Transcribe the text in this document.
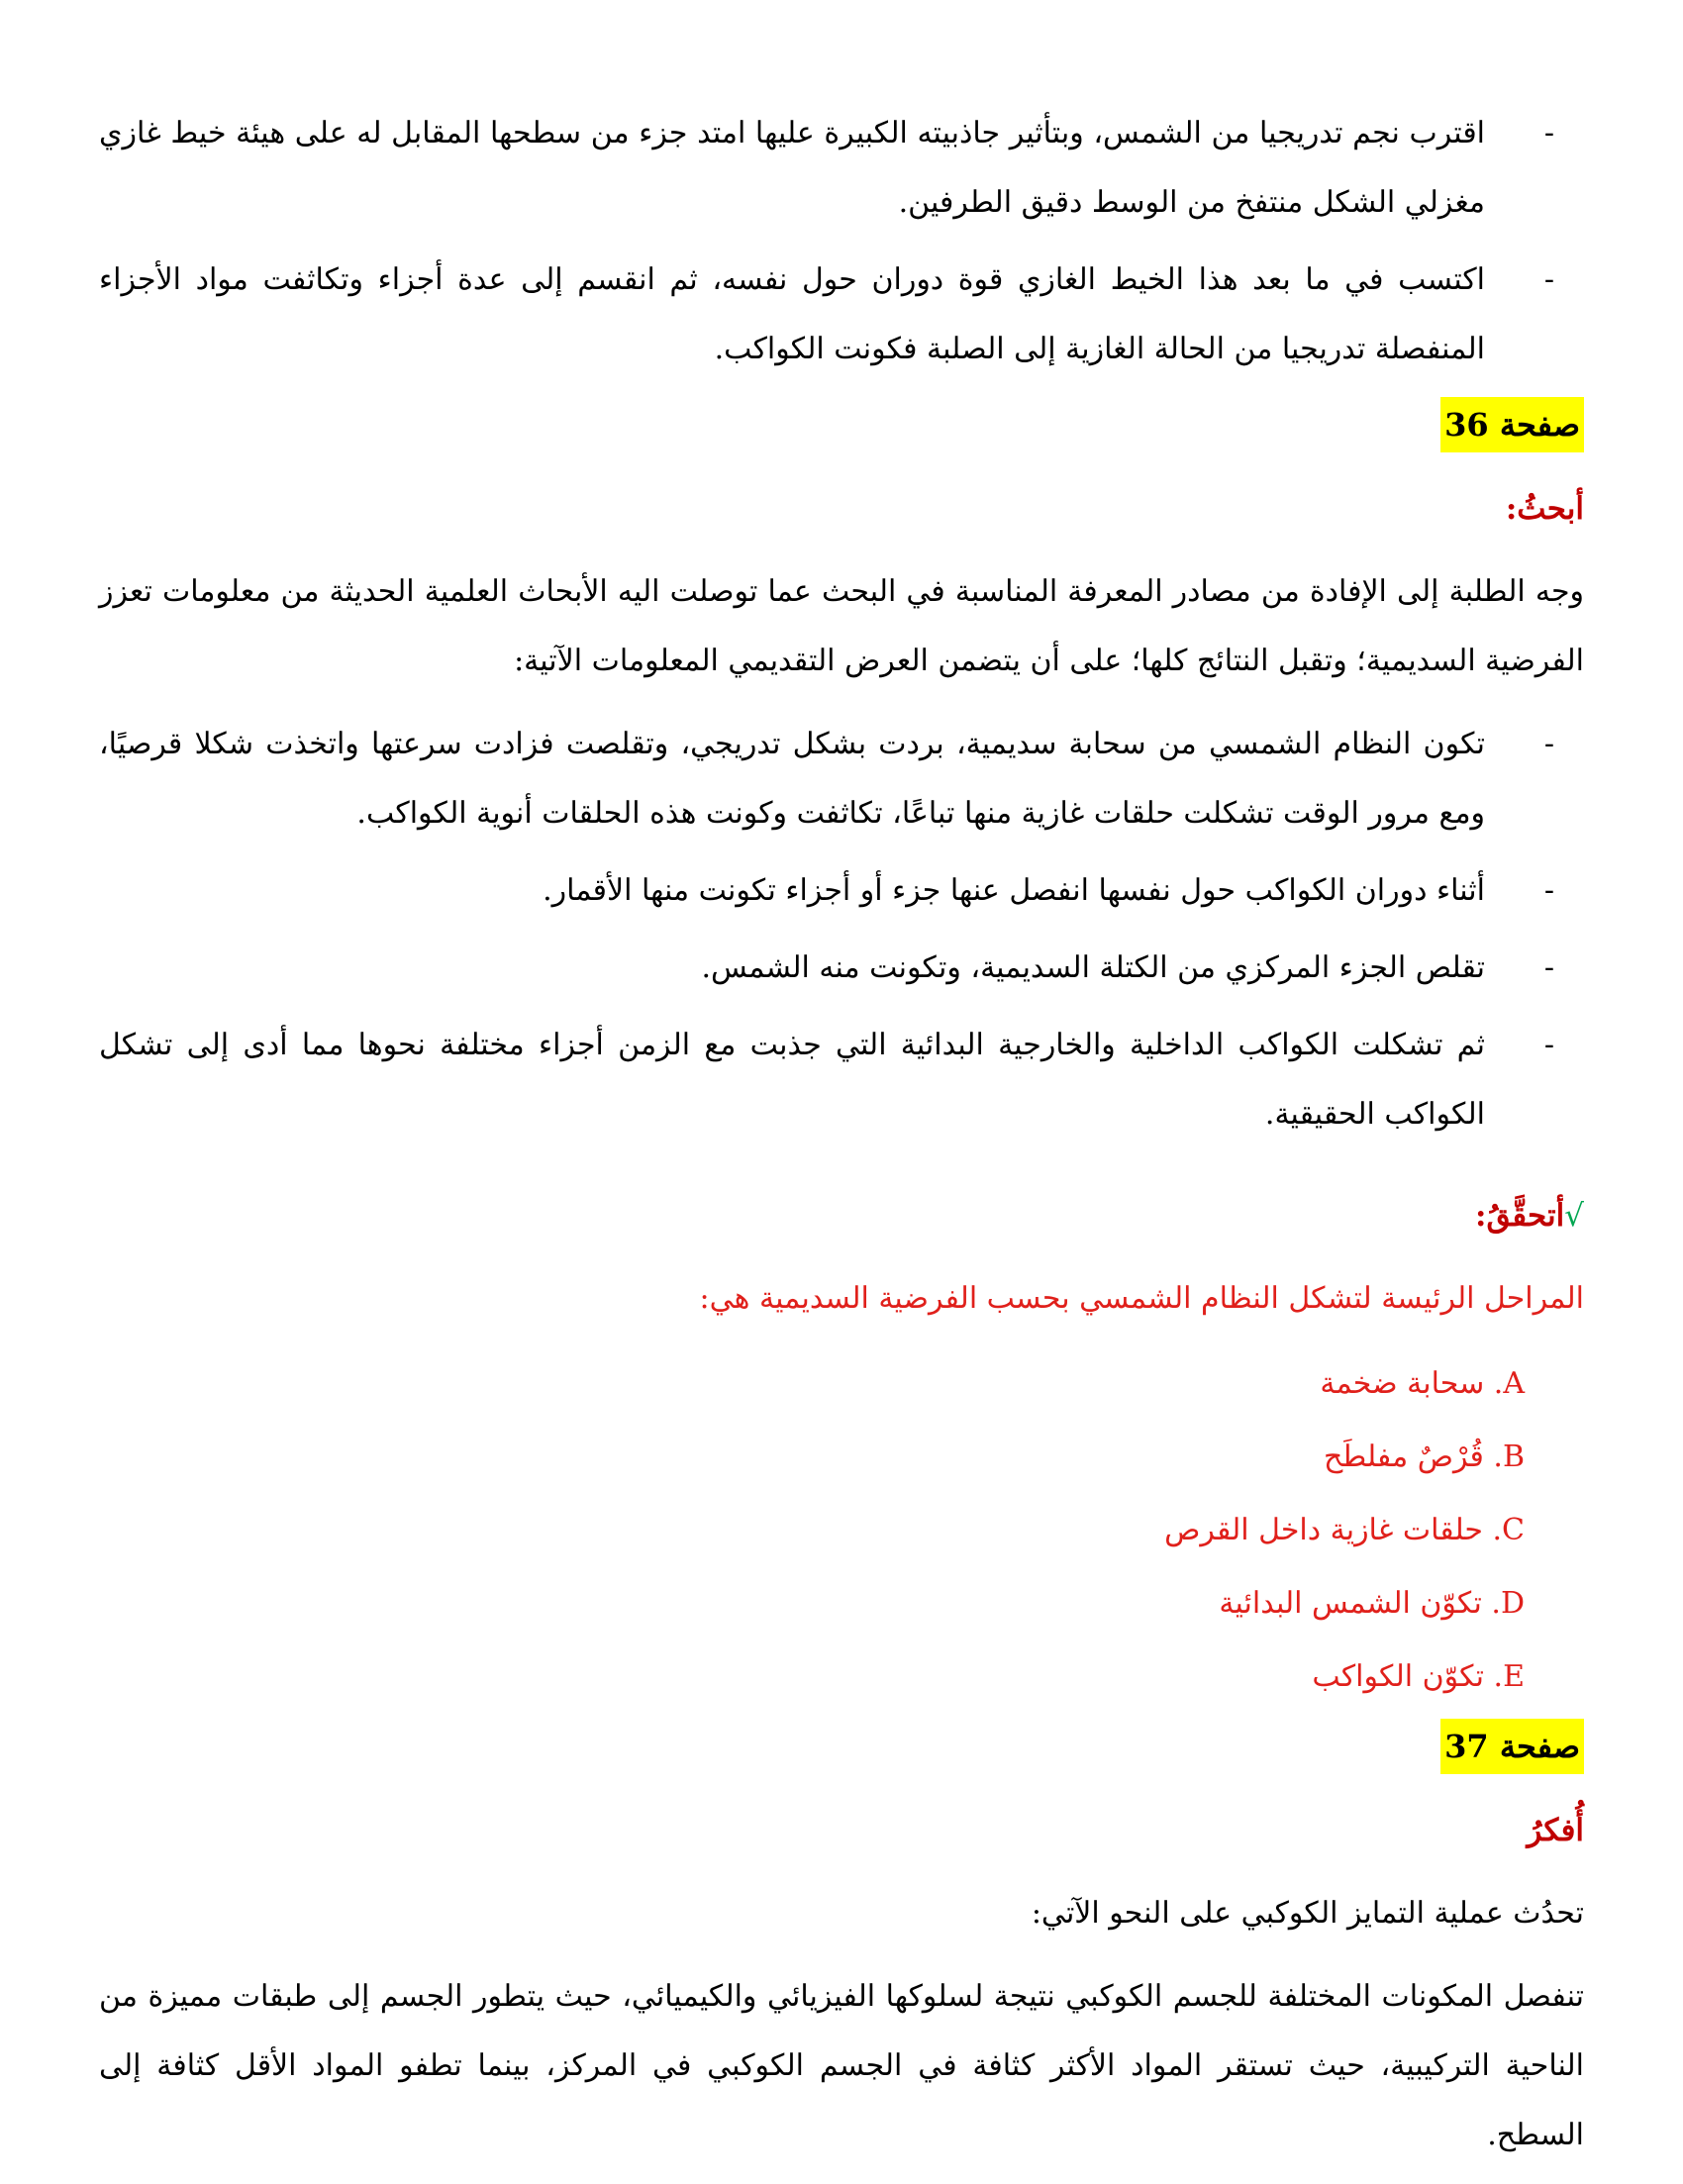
- اقترب نجم تدريجيا من الشمس، وبتأثير جاذبيته الكبيرة عليها امتد جزء من سطحها المقابل له على هيئة خيط غازي مغزلي الشكل منتفخ من الوسط دقيق الطرفين.
- اكتسب في ما بعد هذا الخيط الغازي قوة دوران حول نفسه، ثم انقسم إلى عدة أجزاء وتكاثفت مواد الأجزاء المنفصلة تدريجيا من الحالة الغازية إلى الصلبة فكونت الكواكب.
صفحة 36
أبحثُ:

وجه الطلبة إلى الإفادة من مصادر المعرفة المناسبة في البحث عما توصلت اليه الأبحاث العلمية الحديثة من معلومات تعزز الفرضية السديمية؛ وتقبل النتائج كلها؛ على أن يتضمن العرض التقديمي المعلومات الآتية:

- تكون النظام الشمسي من سحابة سديمية، بردت بشكل تدريجي، وتقلصت فزادت سرعتها واتخذت شكلا قرصيًا، ومع مرور الوقت تشكلت حلقات غازية منها تباعًا، تكاثفت وكونت هذه الحلقات أنوية الكواكب.
- أثناء دوران الكواكب حول نفسها انفصل عنها جزء أو أجزاء تكونت منها الأقمار.
- تقلص الجزء المركزي من الكتلة السديمية، وتكونت منه الشمس.
- ثم تشكلت الكواكب الداخلية والخارجية البدائية التي جذبت مع الزمن أجزاء مختلفة نحوها مما أدى إلى تشكل الكواكب الحقيقية.
√أتحقَّقُ:

المراحل الرئيسة لتشكل النظام الشمسي بحسب الفرضية السديمية هي:

A. سحابة ضخمة
B. قُرْصٌ مفلطَح
C. حلقات غازية داخل القرص
D. تكوّن الشمس البدائية
E. تكوّن الكواكب
صفحة 37
أُفكرُ

تحدُث عملية التمايز الكوكبي على النحو الآتي:

تنفصل المكونات المختلفة للجسم الكوكبي نتيجة لسلوكها الفيزيائي والكيميائي، حيث يتطور الجسم إلى طبقات مميزة من الناحية التركيبية، حيث تستقر المواد الأكثر كثافة في الجسم الكوكبي في المركز، بينما تطفو المواد الأقل كثافة إلى السطح.
